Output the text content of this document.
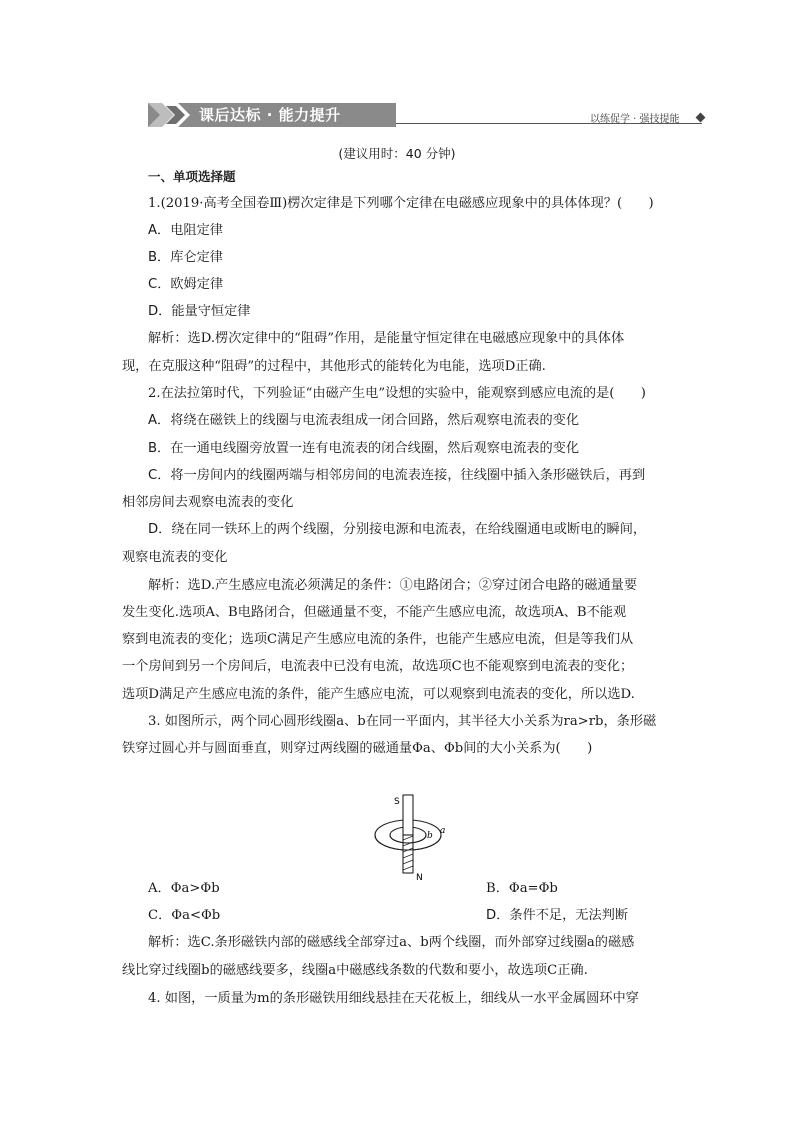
课后达标 · 能力提升	以练促学 · 强技提能
(建议用时：40 分钟)
一、单项选择题
1.(2019·高考全国卷Ⅲ)楞次定律是下列哪个定律在电磁感应现象中的具体体现？(　　)
A．电阻定律
B．库仑定律
C．欧姆定律
D．能量守恒定律
解析：选D.楞次定律中的“阻碍”作用，是能量守恒定律在电磁感应现象中的具体体
现，在克服这种“阻碍”的过程中，其他形式的能转化为电能，选项D正确.
2.在法拉第时代，下列验证“由磁产生电”设想的实验中，能观察到感应电流的是(　　)
A．将绕在磁铁上的线圈与电流表组成一闭合回路，然后观察电流表的变化
B．在一通电线圈旁放置一连有电流表的闭合线圈，然后观察电流表的变化
C．将一房间内的线圈两端与相邻房间的电流表连接，往线圈中插入条形磁铁后，再到
相邻房间去观察电流表的变化
D．绕在同一铁环上的两个线圈，分别接电源和电流表，在给线圈通电或断电的瞬间，
观察电流表的变化
解析：选D.产生感应电流必须满足的条件：①电路闭合；②穿过闭合电路的磁通量要
发生变化.选项A、B电路闭合，但磁通量不变，不能产生感应电流，故选项A、B不能观
察到电流表的变化；选项C满足产生感应电流的条件，也能产生感应电流，但是等我们从
一个房间到另一个房间后，电流表中已没有电流，故选项C也不能观察到电流表的变化；
选项D满足产生感应电流的条件，能产生感应电流，可以观察到电流表的变化，所以选D.
3. 如图所示，两个同心圆形线圈a、b在同一平面内，其半径大小关系为ra>rb，条形磁
铁穿过圆心并与圆面垂直，则穿过两线圈的磁通量Φa、Φb间的大小关系为(　　)
S
N
b a
A．Φa>Φb	B．Φa=Φb
C．Φa<Φb	D．条件不足，无法判断
解析：选C.条形磁铁内部的磁感线全部穿过a、b两个线圈，而外部穿过线圈a的磁感
线比穿过线圈b的磁感线要多，线圈a中磁感线条数的代数和要小，故选项C正确.
4. 如图，一质量为m的条形磁铁用细线悬挂在天花板上，细线从一水平金属圆环中穿
